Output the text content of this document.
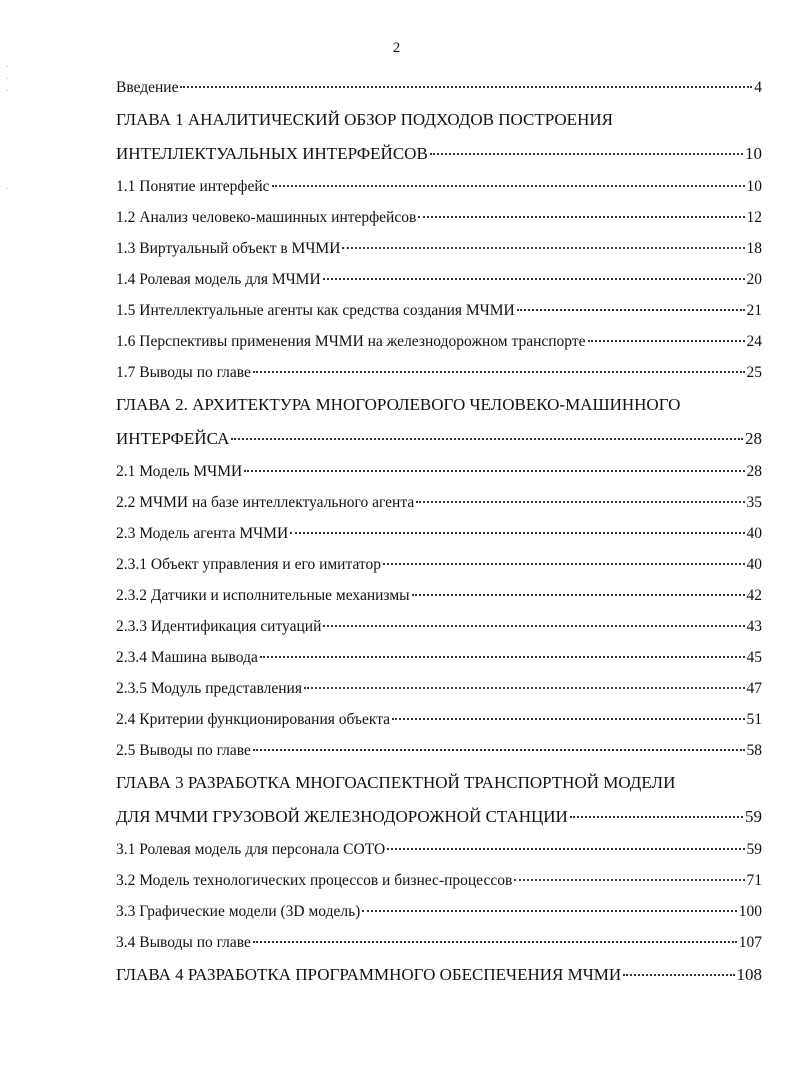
2
·
·
·
·
Введение	4
ГЛАВА 1 АНАЛИТИЧЕСКИЙ ОБЗОР ПОДХОДОВ ПОСТРОЕНИЯ
ИНТЕЛЛЕКТУАЛЬНЫХ ИНТЕРФЕЙСОВ	10
1.1 Понятие интерфейс	10
1.2 Анализ человеко-машинных интерфейсов	12
1.3 Виртуальный объект в МЧМИ	18
1.4 Ролевая модель для МЧМИ	20
1.5 Интеллектуальные агенты как средства создания МЧМИ	21
1.6 Перспективы применения МЧМИ на железнодорожном транспорте	24
1.7 Выводы по главе	25
ГЛАВА 2. АРХИТЕКТУРА МНОГОРОЛЕВОГО ЧЕЛОВЕКО-МАШИННОГО
ИНТЕРФЕЙСА	28
2.1 Модель МЧМИ	28
2.2 МЧМИ на базе интеллектуального агента	35
2.3 Модель агента МЧМИ	40
2.3.1 Объект управления и его имитатор	40
2.3.2 Датчики и исполнительные механизмы	42
2.3.3 Идентификация ситуаций	43
2.3.4 Машина вывода	45
2.3.5 Модуль представления	47
2.4 Критерии функционирования объекта	51
2.5 Выводы по главе	58
ГЛАВА 3 РАЗРАБОТКА МНОГОАСПЕКТНОЙ ТРАНСПОРТНОЙ МОДЕЛИ
ДЛЯ МЧМИ ГРУЗОВОЙ ЖЕЛЕЗНОДОРОЖНОЙ СТАНЦИИ	59
3.1 Ролевая модель для персонала СОТО	59
3.2 Модель технологических процессов и бизнес-процессов	71
3.3 Графические модели (3D модель)	100
3.4 Выводы по главе	107
ГЛАВА 4 РАЗРАБОТКА ПРОГРАММНОГО ОБЕСПЕЧЕНИЯ МЧМИ	108
